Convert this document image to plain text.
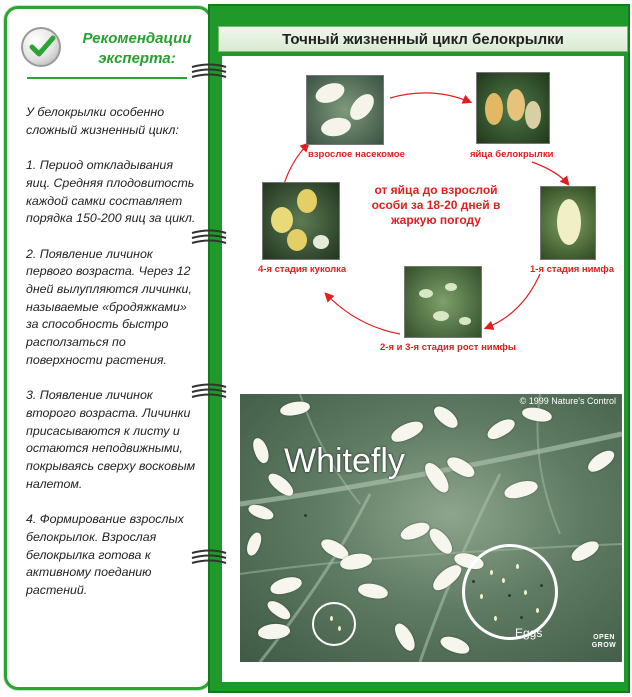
Рекомендации эксперта:

У белокрылки особенно сложный жизненный цикл:

1. Период откладывания яиц. Средняя плодовитость каждой самки составляет порядка 150-200 яиц за цикл.

2. Появление личинок первого возраста. Через 12 дней вылупляются личинки, называемые «бродяжками» за способность быстро расползаться по поверхности растения.

3. Появление личинок второго возраста. Личинки присасываются к листу и остаются неподвижными, покрываясь сверху восковым налетом.

4. Формирование взрослых белокрылок. Взрослая белокрылка готова к активному поеданию растений.

Точный жизненный цикл белокрылки
взрослое насекомое	яйца белокрылки
1-я стадия нимфа
2-я и 3-я стадия рост нимфы
4-я стадия куколка
от яйца до взрослой особи за 18-20 дней в жаркую погоду
© 1999 Nature's Control
Whitefly
Eggs	OPEN
GROW
